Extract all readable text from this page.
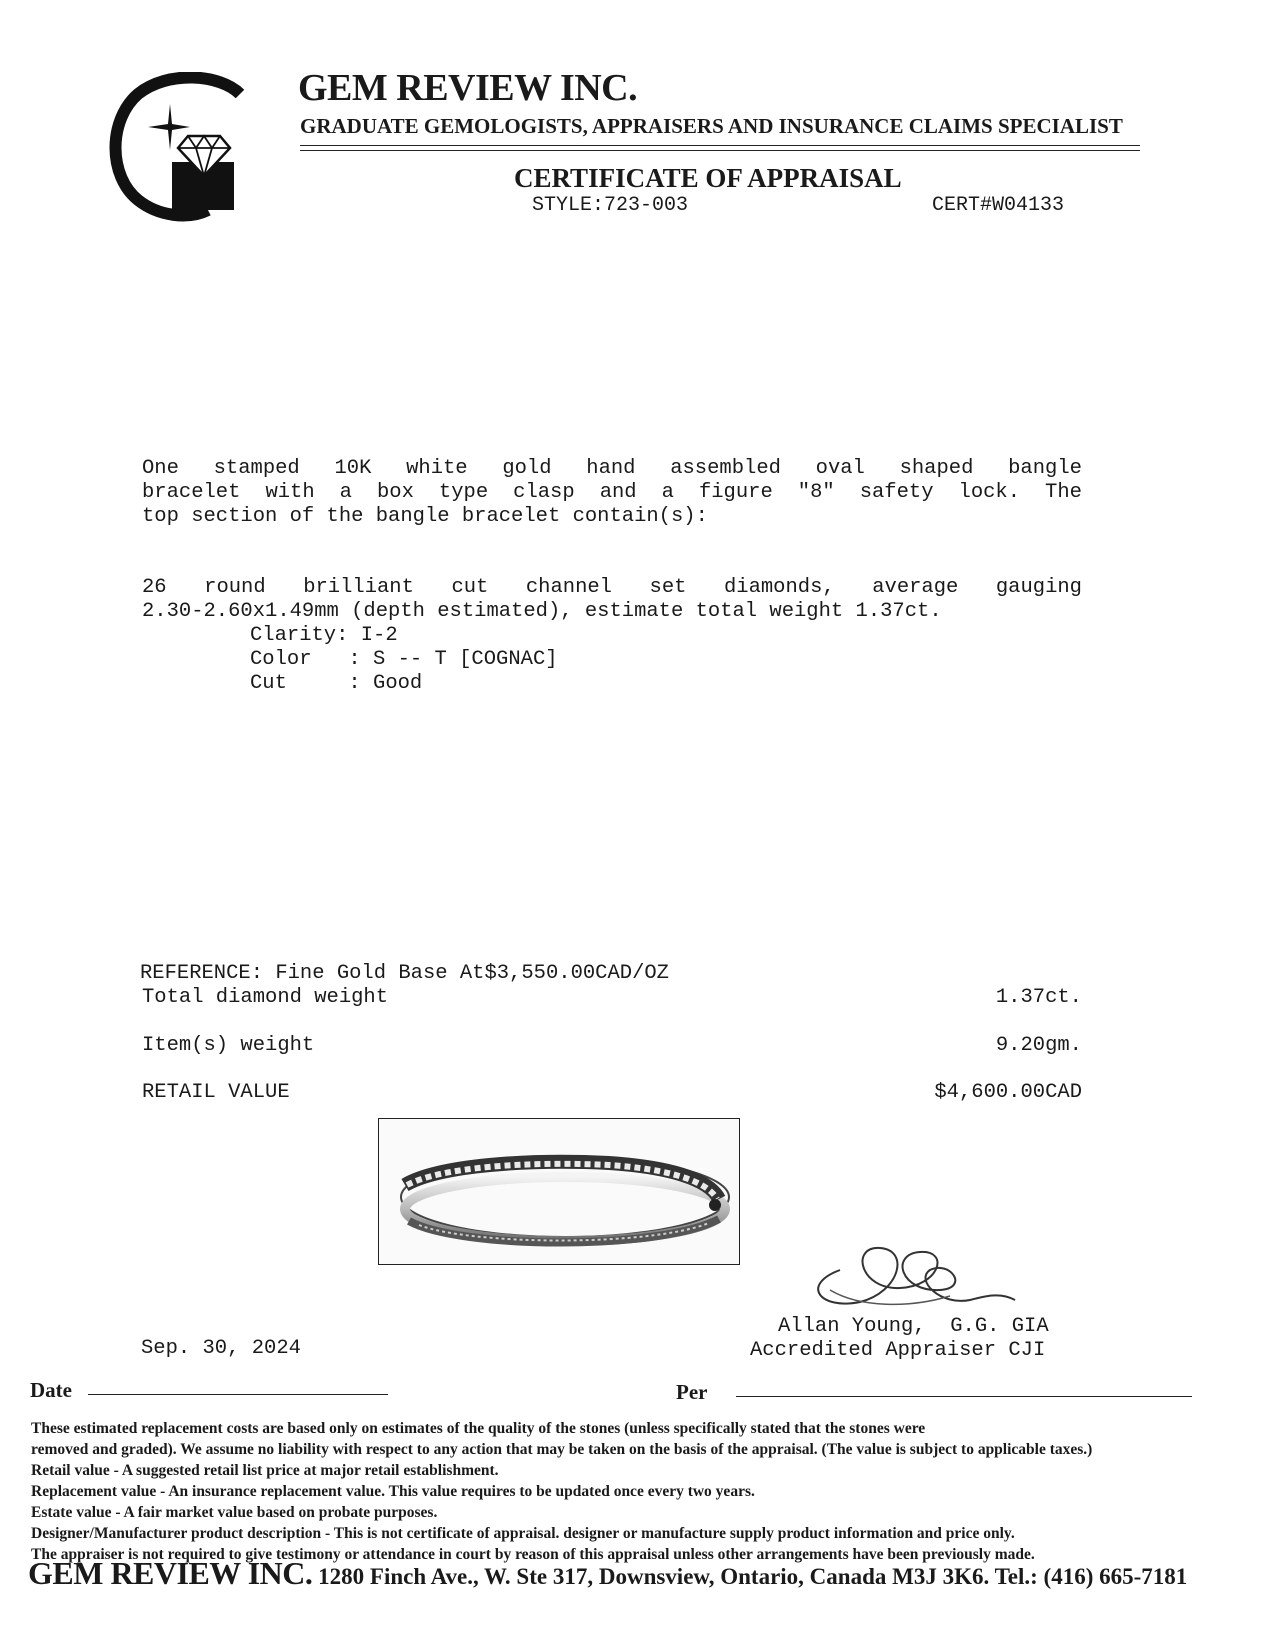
GEM REVIEW INC.
GRADUATE GEMOLOGISTS, APPRAISERS AND INSURANCE CLAIMS SPECIALIST
CERTIFICATE OF APPRAISAL
STYLE:723-003	CERT#W04133
One stamped 10K white gold hand assembled oval shaped bangle
bracelet with a box type clasp and a figure "8" safety lock. The
top section of the bangle bracelet contain(s):
26 round brilliant cut channel set diamonds, average gauging
2.30-2.60x1.49mm (depth estimated), estimate total weight 1.37ct.
Clarity: I-2
Color   : S -- T [COGNAC]
Cut     : Good
REFERENCE: Fine Gold Base At$3,550.00CAD/OZ
Total diamond weight	1.37ct.
Item(s) weight	9.20gm.
RETAIL VALUE	$4,600.00CAD
Allan Young,  G.G. GIA
Accredited Appraiser CJI
Sep. 30, 2024
Date	Per
These estimated replacement costs are based only on estimates of the quality of the stones (unless specifically stated that the stones were
removed and graded). We assume no liability with respect to any action that may be taken on the basis of the appraisal. (The value is subject to applicable taxes.)
Retail value - A suggested retail list price at major retail establishment.
Replacement value - An insurance replacement value. This value requires to be updated once every two years.
Estate value - A fair market value based on probate purposes.
Designer/Manufacturer product description - This is not certificate of appraisal. designer or manufacture supply product information and price only.
The appraiser is not required to give testimony or attendance in court by reason of this appraisal unless other arrangements have been previously made.
GEM REVIEW INC. 1280 Finch Ave., W. Ste 317, Downsview, Ontario, Canada M3J 3K6. Tel.: (416) 665-7181
